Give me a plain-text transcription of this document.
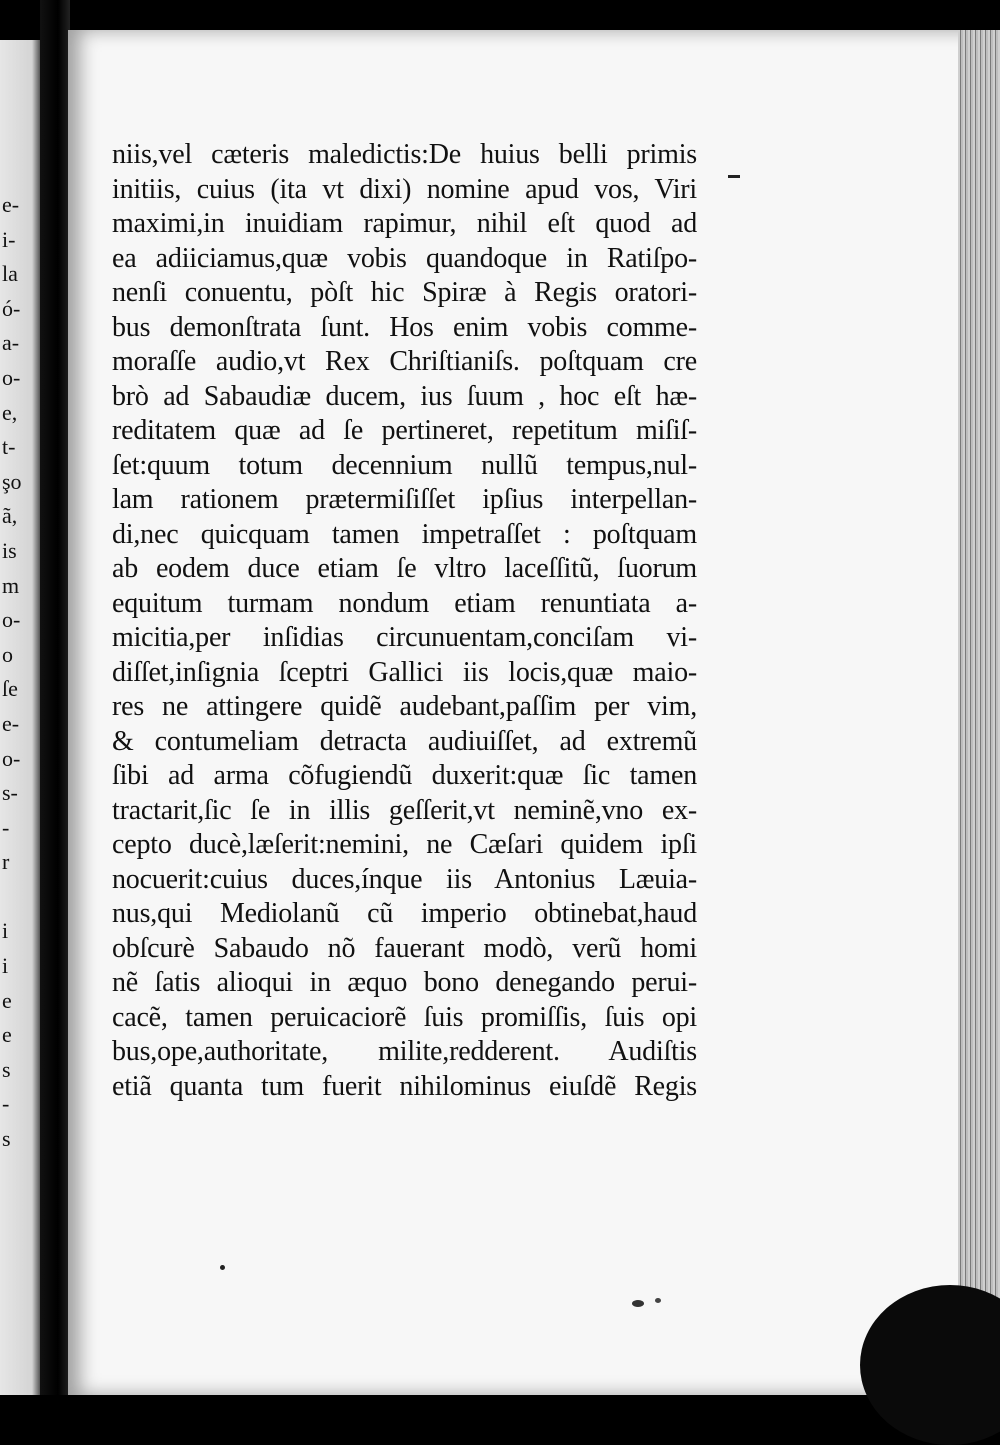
e-
i-
la
ó-
a-
o-
e,
t-
şo
ã,
is
m
o-
o
ſe
e-
o-
s-
-
r
i
i
e
e
s
-
s
niis,vel cæteris maledictis:De huius belli primis
initiis, cuius (ita vt dixi) nomine apud vos, Viri
maximi,in inuidiam rapimur, nihil eſt quod ad
ea adiiciamus,quæ vobis quandoque in Ratiſpo-
nenſi conuentu, pòſt hic Spiræ à Regis oratori-
bus demonſtrata ſunt. Hos enim vobis comme-
moraſſe audio,vt Rex Chriſtianiſs. poſtquam cre
brò ad Sabaudiæ ducem, ius ſuum , hoc eſt hæ-
reditatem quæ ad ſe pertineret, repetitum miſiſ-
ſet:quum totum decennium nullũ tempus,nul-
lam rationem prætermiſiſſet ipſius interpellan-
di,nec quicquam tamen impetraſſet : poſtquam
ab eodem duce etiam ſe vltro laceſſitũ, ſuorum
equitum turmam nondum etiam renuntiata a-
micitia,per inſidias circunuentam,conciſam vi-
diſſet,inſignia ſceptri Gallici iis locis,quæ maio-
res ne attingere quidẽ audebant,paſſim per vim,
& contumeliam detracta audiuiſſet, ad extremũ
ſibi ad arma cõfugiendũ duxerit:quæ ſic tamen
tractarit,ſic ſe in illis geſſerit,vt neminẽ,vno ex-
cepto ducè,læſerit:nemini, ne Cæſari quidem ipſi
nocuerit:cuius duces,ínque iis Antonius Læuia-
nus,qui Mediolanũ cũ imperio obtinebat,haud
obſcurè Sabaudo nõ fauerant modò, verũ homi
nẽ ſatis alioqui in æquo bono denegando perui-
cacẽ, tamen peruicaciorẽ ſuis promiſſis, ſuis opi
bus,ope,authoritate, milite,redderent. Audiſtis
etiã quanta tum fuerit nihilominus eiuſdẽ Regis
